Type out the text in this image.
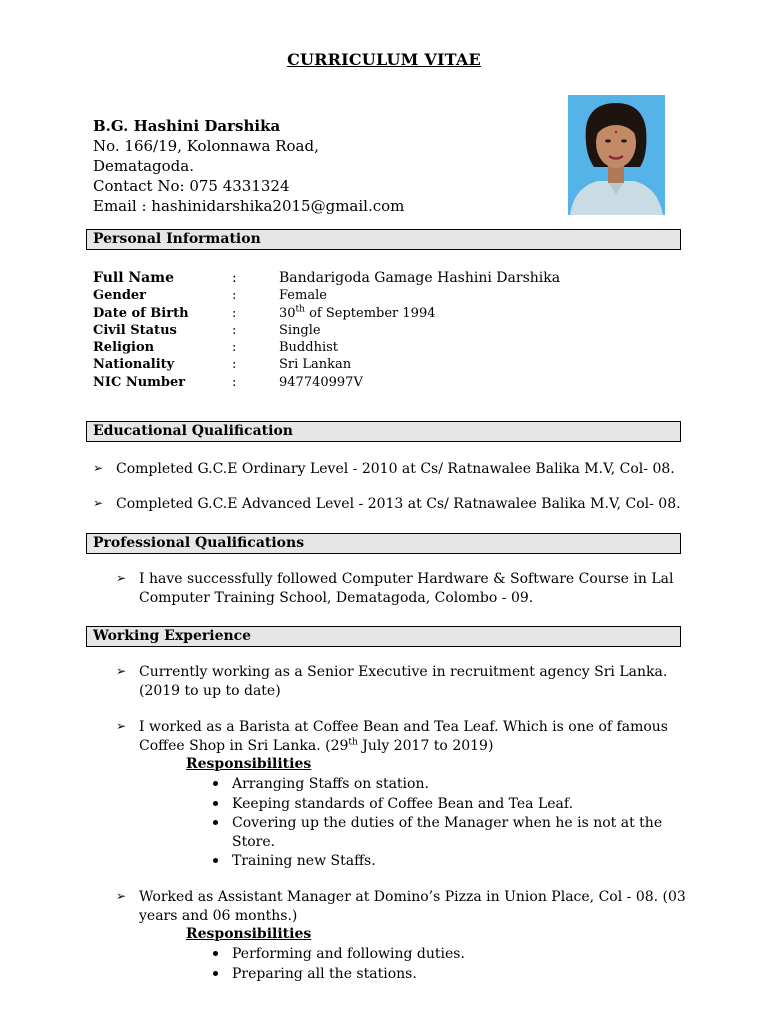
CURRICULUM VITAE
B.G. Hashini Darshika
No. 166/19, Kolonnawa Road,
Dematagoda.
Contact No: 075 4331324
Email : hashinidarshika2015@gmail.com
Personal Information
Full Name	:	Bandarigoda Gamage Hashini Darshika
Gender	:	Female
Date of Birth	:	30th of September 1994
Civil Status	:	Single
Religion	:	Buddhist
Nationality	:	Sri Lankan
NIC Number	:	947740997V
Educational Qualification
➢ Completed G.C.E Ordinary Level - 2010 at Cs/ Ratnawalee Balika M.V, Col- 08.
➢ Completed G.C.E Advanced Level - 2013 at Cs/ Ratnawalee Balika M.V, Col- 08.
Professional Qualifications
➢ I have successfully followed Computer Hardware & Software Course in Lal
Computer Training School, Dematagoda, Colombo - 09.
Working Experience
➢ Currently working as a Senior Executive in recruitment agency Sri Lanka.
(2019 to up to date)
➢ I worked as a Barista at Coffee Bean and Tea Leaf. Which is one of famous
Coffee Shop in Sri Lanka. (29th July 2017 to 2019)
Responsibilities
Arranging Staffs on station.
Keeping standards of Coffee Bean and Tea Leaf.
Covering up the duties of the Manager when he is not at the
Store.
Training new Staffs.
➢ Worked as Assistant Manager at Domino’s Pizza in Union Place, Col - 08. (03
years and 06 months.)
Responsibilities
Performing and following duties.
Preparing all the stations.
